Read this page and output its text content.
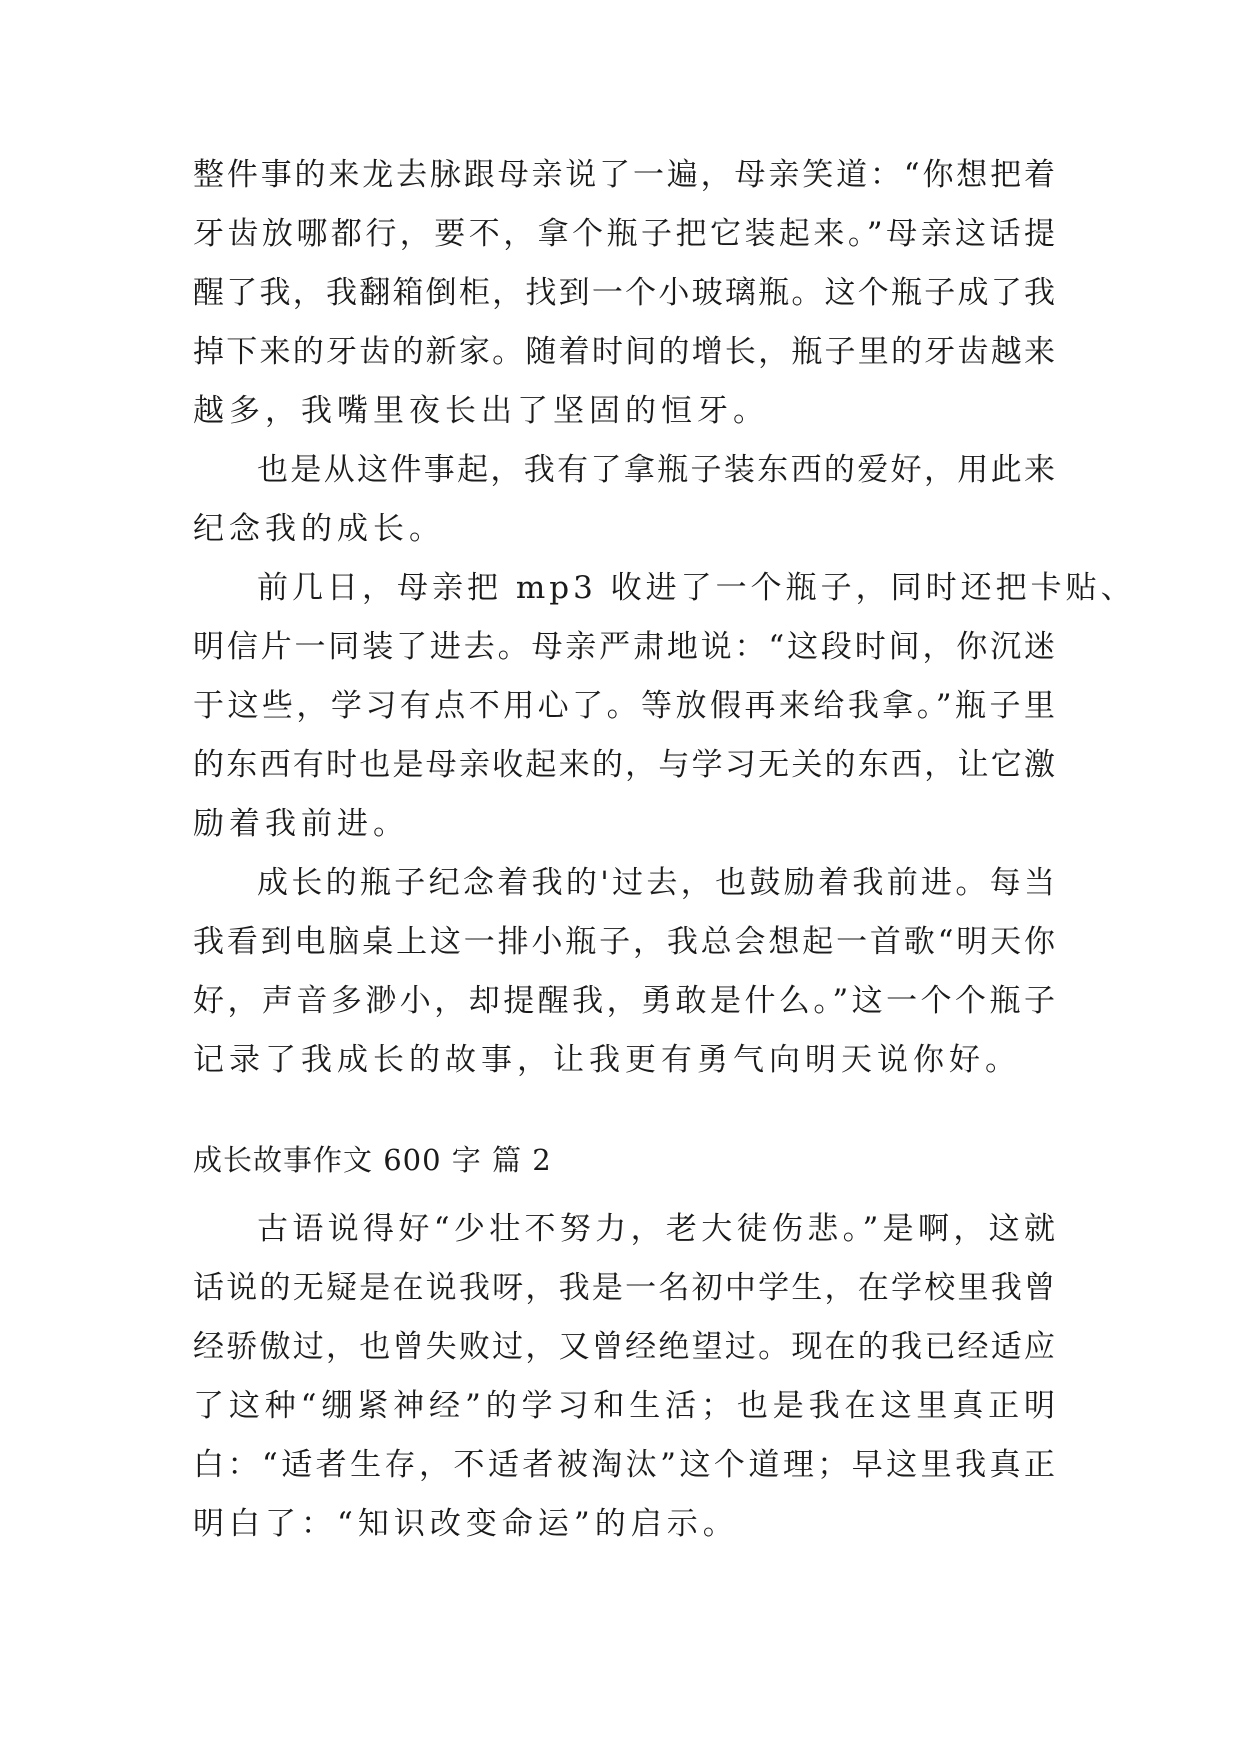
整件事的来龙去脉跟母亲说了一遍，母亲笑道：“你想把着
牙齿放哪都行，要不，拿个瓶子把它装起来。”母亲这话提
醒了我，我翻箱倒柜，找到一个小玻璃瓶。这个瓶子成了我
掉下来的牙齿的新家。随着时间的增长，瓶子里的牙齿越来
越多，我嘴里夜长出了坚固的恒牙。
也是从这件事起，我有了拿瓶子装东西的爱好，用此来
纪念我的成长。
前几日，母亲把 mp3 收进了一个瓶子，同时还把卡贴、
明信片一同装了进去。母亲严肃地说：“这段时间，你沉迷
于这些，学习有点不用心了。等放假再来给我拿。”瓶子里
的东西有时也是母亲收起来的，与学习无关的东西，让它激
励着我前进。
成长的瓶子纪念着我的'过去，也鼓励着我前进。每当
我看到电脑桌上这一排小瓶子，我总会想起一首歌“明天你
好，声音多渺小，却提醒我，勇敢是什么。”这一个个瓶子
记录了我成长的故事，让我更有勇气向明天说你好。
成长故事作文 600 字 篇 2
古语说得好“少壮不努力，老大徒伤悲。”是啊，这就
话说的无疑是在说我呀，我是一名初中学生，在学校里我曾
经骄傲过，也曾失败过，又曾经绝望过。现在的我已经适应
了这种“绷紧神经”的学习和生活；也是我在这里真正明
白：“适者生存，不适者被淘汰”这个道理；早这里我真正
明白了：“知识改变命运”的启示。
